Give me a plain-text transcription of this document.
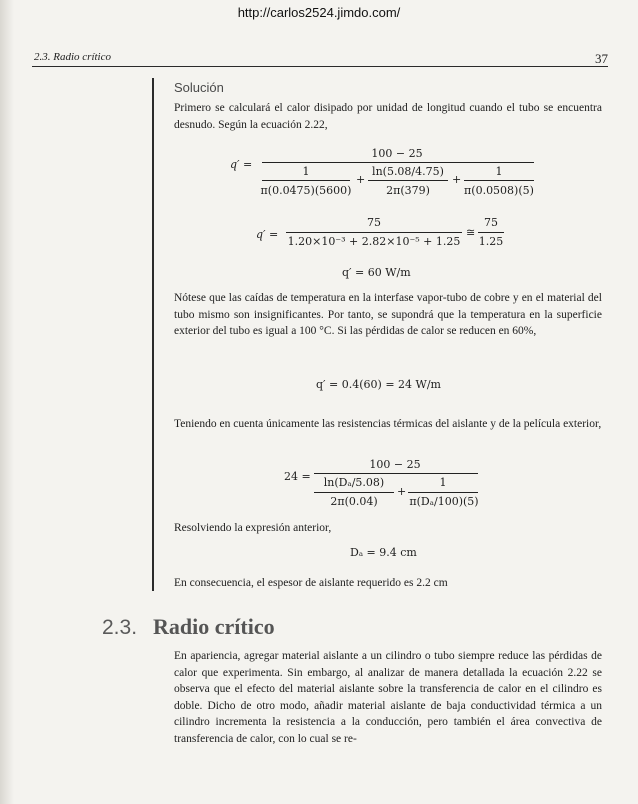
http://carlos2524.jimdo.com/
2.3. Radio crítico	37
Solución
Primero se calculará el calor disipado por unidad de longitud cuando el tubo se encuentra desnudo. Según la ecuación 2.22,
q′ =
100 − 25
1
π(0.0475)(5600)
+
ln(5.08/4.75)
2π(379)
+
1
π(0.0508)(5)
q′ =
75
1.20×10⁻³ + 2.82×10⁻⁵ + 1.25
≅
75
1.25
q′ = 60 W/m
Nótese que las caídas de temperatura en la interfase vapor-tubo de cobre y en el material del tubo mismo son insignificantes. Por tanto, se supondrá que la temperatura en la superficie exterior del tubo es igual a 100 °C. Si las pérdidas de calor se reducen en 60%,
q′ = 0.4(60) = 24 W/m
Teniendo en cuenta únicamente las resistencias térmicas del aislante y de la película exterior,
24 =
100 − 25
ln(Dₐ/5.08)
2π(0.04)
+
1
π(Dₐ/100)(5)
Resolviendo la expresión anterior,
Dₐ = 9.4 cm
En consecuencia, el espesor de aislante requerido es 2.2 cm
2.3. Radio crítico
En apariencia, agregar material aislante a un cilindro o tubo siempre reduce las pérdidas de calor que experimenta. Sin embargo, al analizar de manera detallada la ecuación 2.22 se observa que el efecto del material aislante sobre la transferencia de calor en el cilindro es doble. Dicho de otro modo, añadir material aislante de baja conductividad térmica a un cilindro incrementa la resistencia a la conducción, pero también el área convectiva de transferencia de calor, con lo cual se re-
